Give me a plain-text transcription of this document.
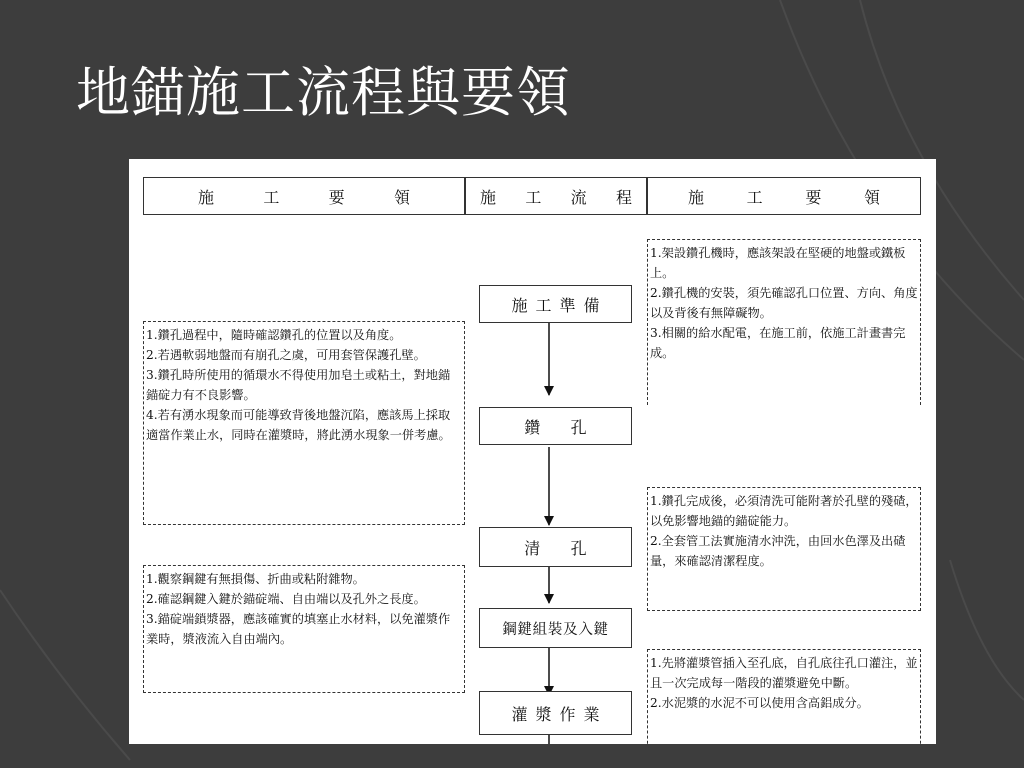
地錨施工流程與要領
施	工	要	領	施 工 流 程	施	工	要	領
施工準備
鑽孔
清孔
鋼鍵組裝及入鍵
灌漿作業

1.鑽孔過程中，隨時確認鑽孔的位置以及角度。

2.若遇軟弱地盤而有崩孔之虞，可用套管保護孔壁。

3.鑽孔時所使用的循環水不得使用加皂土或粘土，對地錨錨碇力有不良影響。

4.若有湧水現象而可能導致背後地盤沉陷，應該馬上採取適當作業止水，同時在灌漿時，將此湧水現象一併考慮。

1.觀察鋼鍵有無損傷、折曲或粘附雜物。

2.確認鋼鍵入鍵於錨碇端、自由端以及孔外之長度。

3.錨碇端鎖漿器，應該確實的填塞止水材料，以免灌漿作業時，漿液流入自由端內。

1.架設鑽孔機時，應該架設在堅硬的地盤或鐵板上。

2.鑽孔機的安裝，須先確認孔口位置、方向、角度以及背後有無障礙物。

3.相關的給水配電，在施工前，依施工計畫書完成。

1.鑽孔完成後，必須清洗可能附著於孔壁的殘碴，以免影響地錨的錨碇能力。

2.全套管工法實施清水沖洗，由回水色澤及出碴量，來確認清潔程度。

1.先將灌漿管插入至孔底，自孔底往孔口灌注，並且一次完成每一階段的灌漿避免中斷。

2.水泥漿的水泥不可以使用含高鋁成分。
